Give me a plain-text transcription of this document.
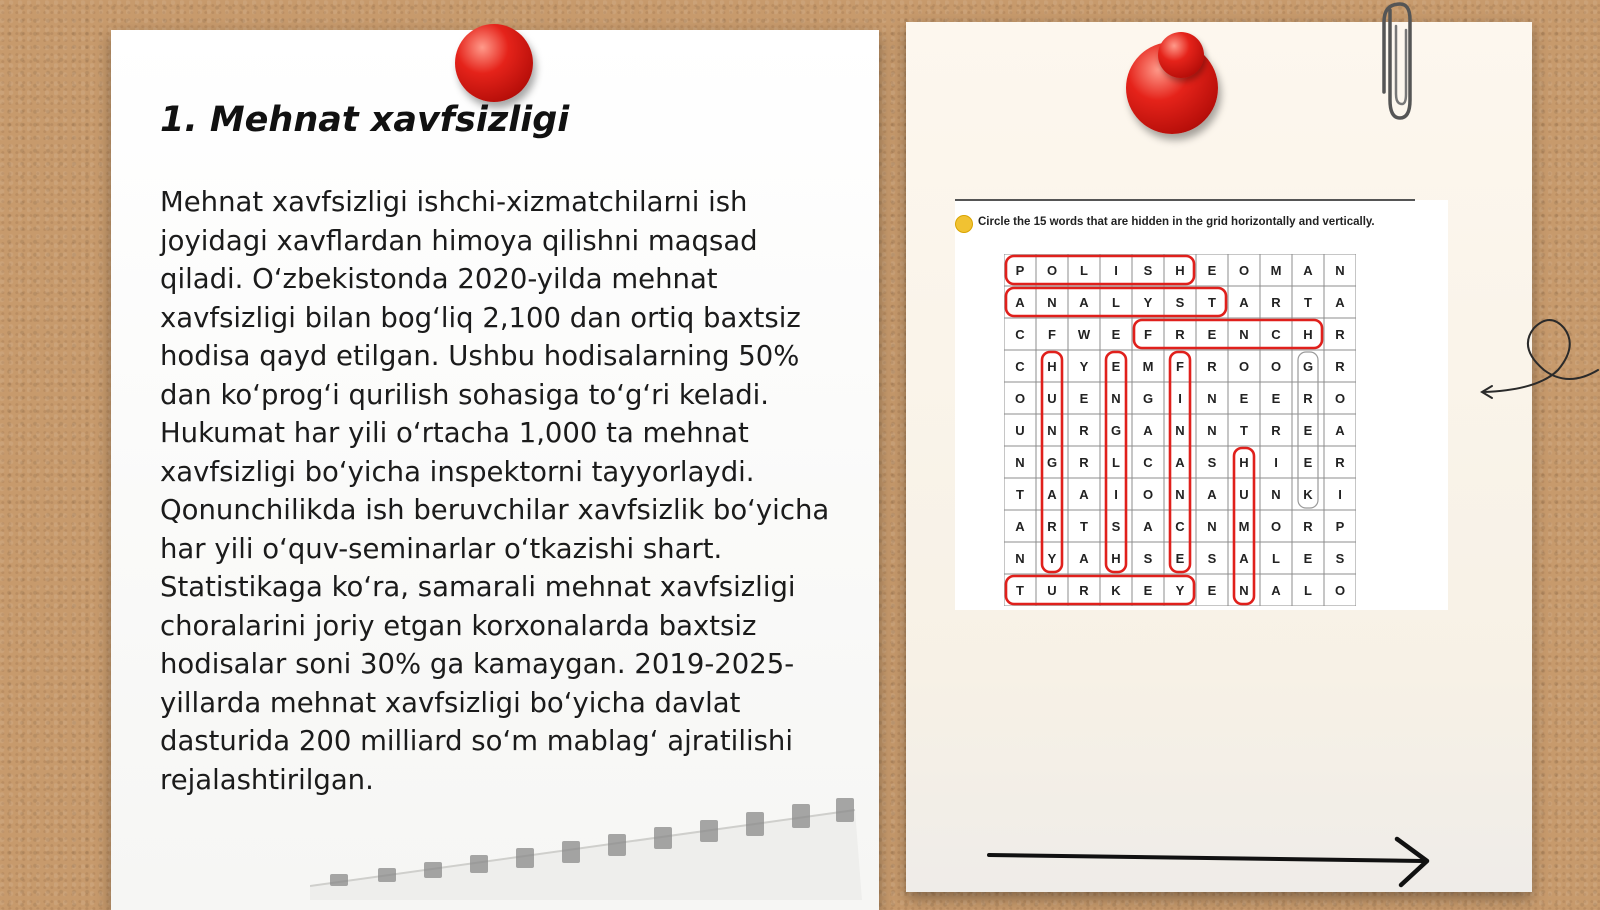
1. Mehnat xavfsizligi

Mehnat xavfsizligi ishchi-xizmatchilarni ish joyidagi xavflardan himoya qilishni maqsad qiladi. O‘zbekistonda 2020-yilda mehnat xavfsizligi bilan bog‘liq 2,100 dan ortiq baxtsiz hodisa qayd etilgan. Ushbu hodisalarning 50% dan ko‘prog‘i qurilish sohasiga to‘g‘ri keladi. Hukumat har yili o‘rtacha 1,000 ta mehnat xavfsizligi bo‘yicha inspektorni tayyorlaydi. Qonunchilikda ish beruvchilar xavfsizlik bo‘yicha har yili o‘quv-seminarlar o‘tkazishi shart. Statistikaga ko‘ra, samarali mehnat xavfsizligi choralarini joriy etgan korxonalarda baxtsiz hodisalar soni 30% ga kamaygan. 2019-2025-yillarda mehnat xavfsizligi bo‘yicha davlat dasturida 200 milliard so‘m mablag‘ ajratilishi rejalashtirilgan.

Circle the 15 words that are hidden in the grid horizontally and vertically.
P O L I S H E O M A N
A N A L Y S T A R T A
C F W E F R E N C H R
C H Y E M F R O O G R
O U E N G I N E E R O
U N R G A N N T R E A
N G R L C A S H I E R
T A A I O N A U N K I
A R T S A C N M O R P
N Y A H S E S A L E S
T U R K E Y E N A L O
